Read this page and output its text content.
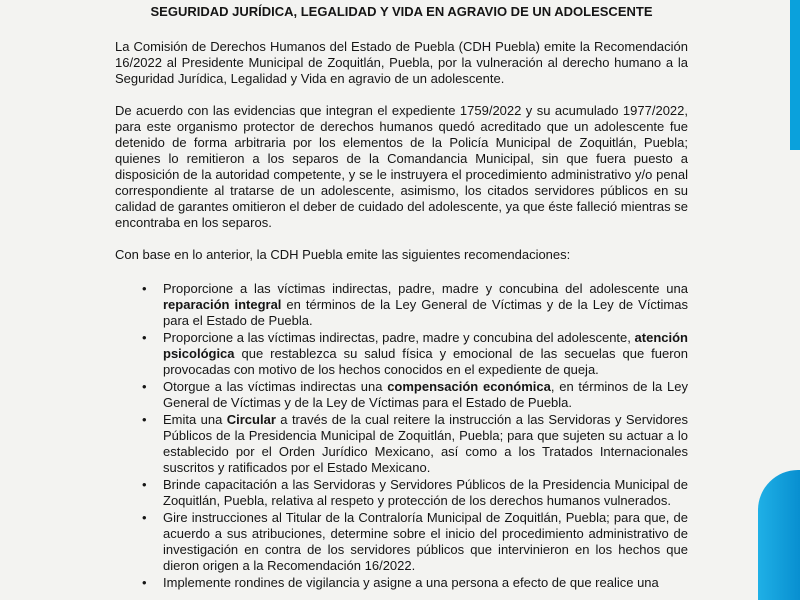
SEGURIDAD JURÍDICA, LEGALIDAD Y VIDA EN AGRAVIO DE UN ADOLESCENTE

La Comisión de Derechos Humanos del Estado de Puebla (CDH Puebla) emite la Recomendación 16/2022 al Presidente Municipal de Zoquitlán, Puebla, por la vulneración al derecho humano a la Seguridad Jurídica, Legalidad y Vida en agravio de un adolescente.

De acuerdo con las evidencias que integran el expediente 1759/2022 y su acumulado 1977/2022, para este organismo protector de derechos humanos quedó acreditado que un adolescente fue detenido de forma arbitraria por los elementos de la Policía Municipal de Zoquitlán, Puebla; quienes lo remitieron a los separos de la Comandancia Municipal, sin que fuera puesto a disposición de la autoridad competente, y se le instruyera el procedimiento administrativo y/o penal correspondiente al tratarse de un adolescente, asimismo, los citados servidores públicos en su calidad de garantes omitieron el deber de cuidado del adolescente, ya que éste falleció mientras se encontraba en los separos.

Con base en lo anterior, la CDH Puebla emite las siguientes recomendaciones:

• Proporcione a las víctimas indirectas, padre, madre y concubina del adolescente una reparación integral en términos de la Ley General de Víctimas y de la Ley de Víctimas para el Estado de Puebla.
• Proporcione a las víctimas indirectas, padre, madre y concubina del adolescente, atención psicológica que restablezca su salud física y emocional de las secuelas que fueron provocadas con motivo de los hechos conocidos en el expediente de queja.
• Otorgue a las víctimas indirectas una compensación económica, en términos de la Ley General de Víctimas y de la Ley de Víctimas para el Estado de Puebla.
• Emita una Circular a través de la cual reitere la instrucción a las Servidoras y Servidores Públicos de la Presidencia Municipal de Zoquitlán, Puebla; para que sujeten su actuar a lo establecido por el Orden Jurídico Mexicano, así como a los Tratados Internacionales suscritos y ratificados por el Estado Mexicano.
• Brinde capacitación a las Servidoras y Servidores Públicos de la Presidencia Municipal de Zoquitlán, Puebla, relativa al respeto y protección de los derechos humanos vulnerados.
• Gire instrucciones al Titular de la Contraloría Municipal de Zoquitlán, Puebla; para que, de acuerdo a sus atribuciones, determine sobre el inicio del procedimiento administrativo de investigación en contra de los servidores públicos que intervinieron en los hechos que dieron origen a la Recomendación 16/2022.
• Implemente rondines de vigilancia y asigne a una persona a efecto de que realice una
